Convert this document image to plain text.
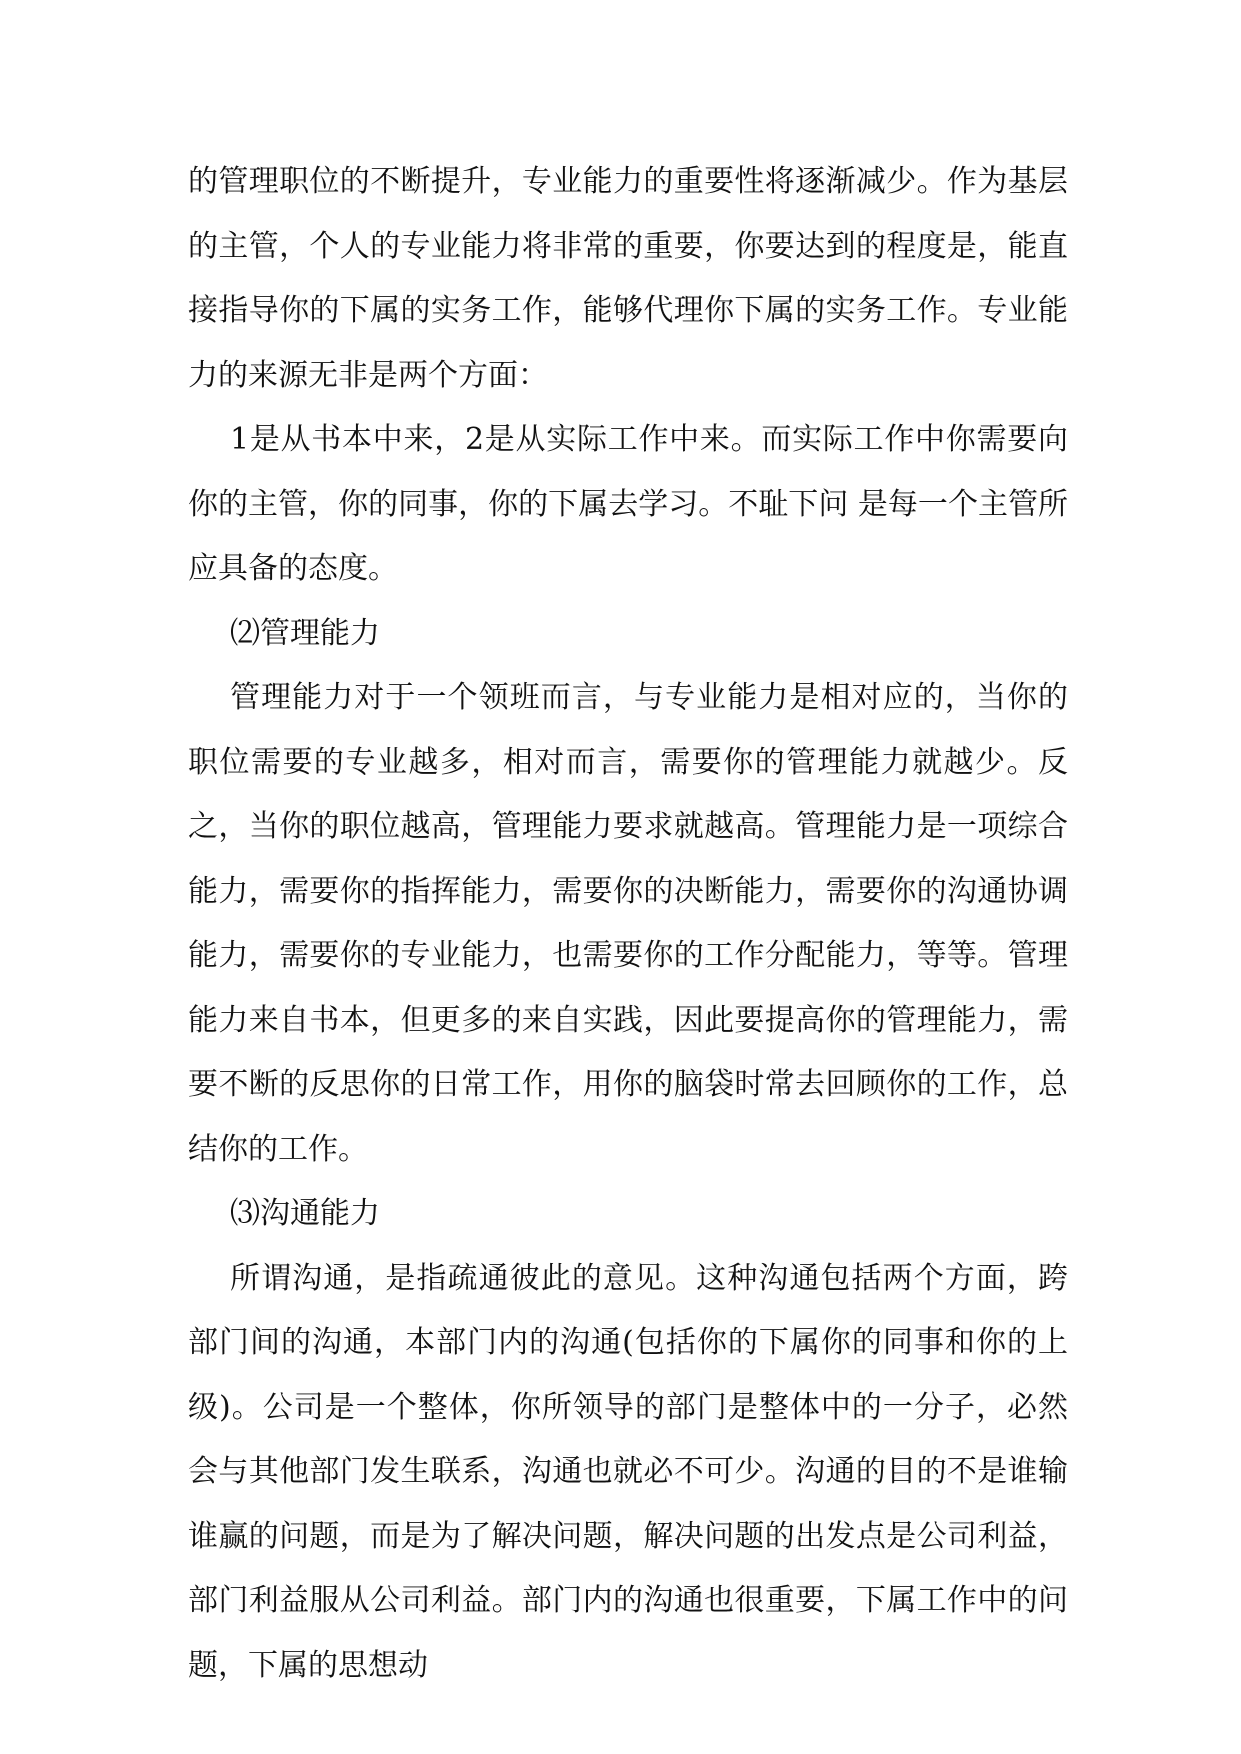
的管理职位的不断提升，专业能力的重要性将逐渐减少。作为基层的主管，个人的专业能力将非常的重要，你要达到的程度是，能直接指导你的下属的实务工作，能够代理你下属的实务工作。专业能力的来源无非是两个方面：

1是从书本中来，2是从实际工作中来。而实际工作中你需要向你的主管，你的同事，你的下属去学习。不耻下问 是每一个主管所应具备的态度。

⑵管理能力

管理能力对于一个领班而言，与专业能力是相对应的，当你的职位需要的专业越多，相对而言，需要你的管理能力就越少。反之，当你的职位越高，管理能力要求就越高。管理能力是一项综合能力，需要你的指挥能力，需要你的决断能力，需要你的沟通协调能力，需要你的专业能力，也需要你的工作分配能力，等等。管理能力来自书本，但更多的来自实践，因此要提高你的管理能力，需要不断的反思你的日常工作，用你的脑袋时常去回顾你的工作，总结你的工作。

⑶沟通能力

所谓沟通，是指疏通彼此的意见。这种沟通包括两个方面，跨部门间的沟通，本部门内的沟通(包括你的下属你的同事和你的上级)。公司是一个整体，你所领导的部门是整体中的一分子，必然会与其他部门发生联系，沟通也就必不可少。沟通的目的不是谁输谁赢的问题，而是为了解决问题，解决问题的出发点是公司利益，部门利益服从公司利益。部门内的沟通也很重要，下属工作中的问题，下属的思想动
